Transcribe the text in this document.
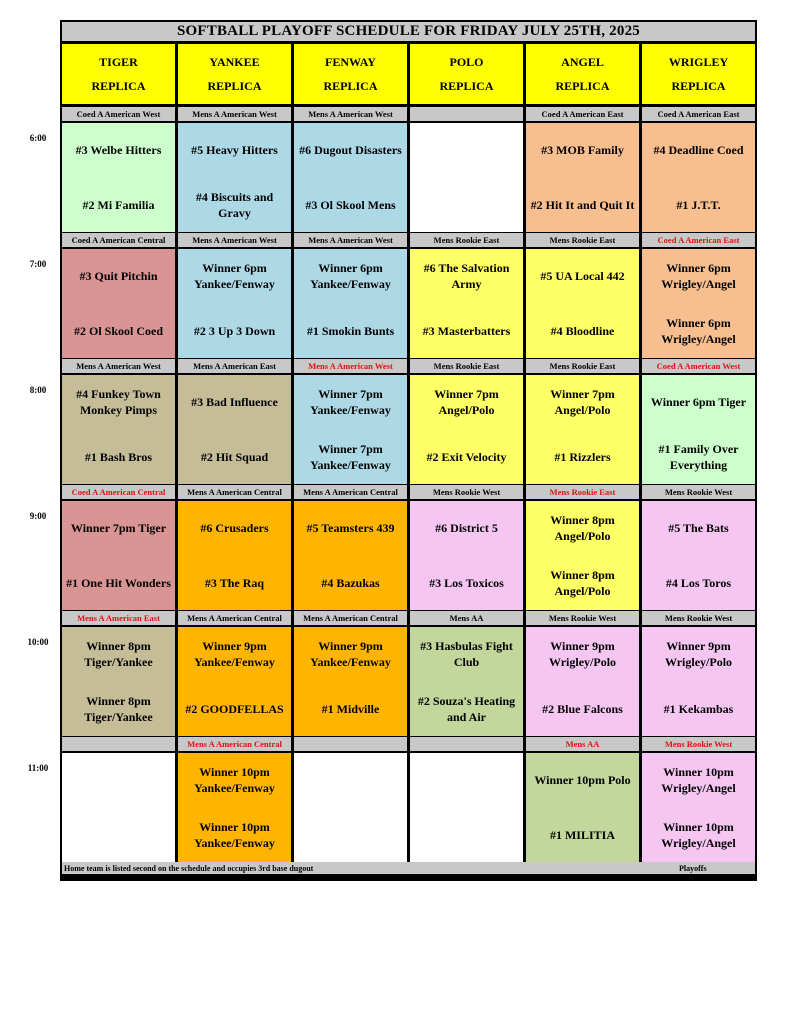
6:00
7:00
8:00
9:00
10:00
11:00
SOFTBALL PLAYOFF SCHEDULE FOR FRIDAY JULY 25TH, 2025
TIGER
REPLICA
YANKEE
REPLICA
FENWAY
REPLICA
POLO
REPLICA
ANGEL
REPLICA
WRIGLEY
REPLICA
Coed A American West
#3 Welbe Hitters
#2 Mi Familia
Mens A American West
#5 Heavy Hitters
#4 Biscuits and Gravy
Mens A American West
#6 Dugout Disasters
#3 Ol Skool Mens
Coed A American East
#3 MOB Family
#2 Hit It and Quit It
Coed A American East
#4 Deadline Coed
#1 J.T.T.
Coed A American Central
#3 Quit Pitchin
#2 Ol Skool Coed
Mens A American West
Winner 6pm Yankee/Fenway
#2 3 Up 3 Down
Mens A American West
Winner 6pm Yankee/Fenway
#1 Smokin Bunts
Mens Rookie East
#6 The Salvation Army
#3 Masterbatters
Mens Rookie East
#5 UA Local 442
#4 Bloodline
Coed A American East
Winner 6pm Wrigley/Angel
Winner 6pm Wrigley/Angel
Mens A American West
#4 Funkey Town Monkey Pimps
#1 Bash Bros
Mens A American East
#3 Bad Influence
#2 Hit Squad
Mens A American West
Winner 7pm Yankee/Fenway
Winner 7pm Yankee/Fenway
Mens Rookie East
Winner 7pm Angel/Polo
#2 Exit Velocity
Mens Rookie East
Winner 7pm Angel/Polo
#1 Rizzlers
Coed A American West
Winner 6pm Tiger
#1 Family Over Everything
Coed A American Central
Winner 7pm Tiger
#1 One Hit Wonders
Mens A American Central
#6 Crusaders
#3 The Raq
Mens A American Central
#5 Teamsters 439
#4 Bazukas
Mens Rookie West
#6 District 5
#3 Los Toxicos
Mens Rookie East
Winner 8pm Angel/Polo
Winner 8pm Angel/Polo
Mens Rookie West
#5 The Bats
#4 Los Toros
Mens A American East
Winner 8pm Tiger/Yankee
Winner 8pm Tiger/Yankee
Mens A American Central
Winner 9pm Yankee/Fenway
#2 GOODFELLAS
Mens A American Central
Winner 9pm Yankee/Fenway
#1 Midville
Mens AA
#3 Hasbulas Fight Club
#2 Souza's Heating and Air
Mens Rookie West
Winner 9pm Wrigley/Polo
#2 Blue Falcons
Mens Rookie West
Winner 9pm Wrigley/Polo
#1 Kekambas
Mens A American Central
Winner 10pm Yankee/Fenway
Winner 10pm Yankee/Fenway
Mens AA
Winner 10pm Polo
#1 MILITIA
Mens Rookie West
Winner 10pm Wrigley/Angel
Winner 10pm Wrigley/Angel
Home team is listed second on the schedule and occupies 3rd base dugout	Playoffs
